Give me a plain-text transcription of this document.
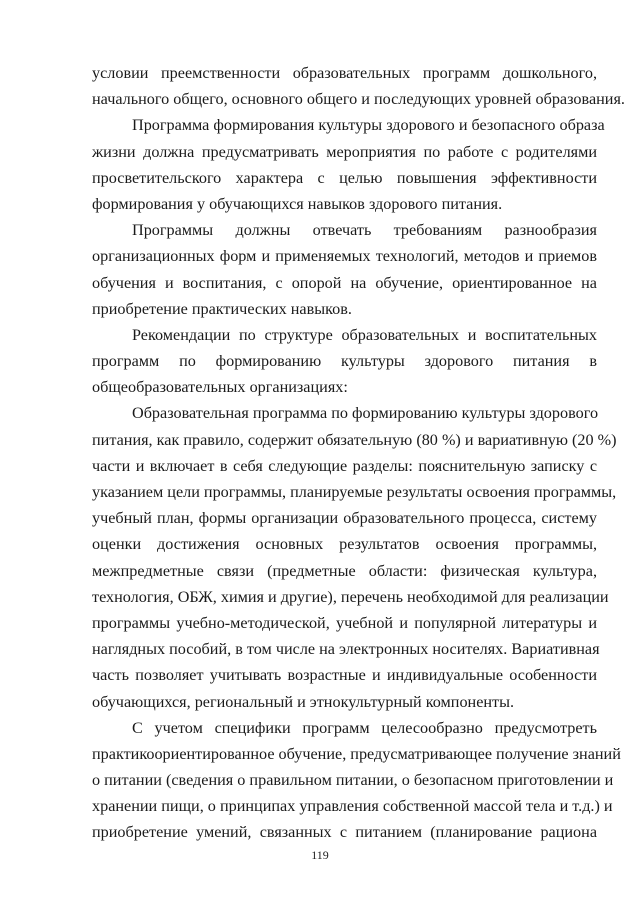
условии преемственности образовательных программ дошкольного,
начального общего, основного общего и последующих уровней образования.
Программа формирования культуры здорового и безопасного образа
жизни должна предусматривать мероприятия по работе с родителями
просветительского характера с целью повышения эффективности
формирования у обучающихся навыков здорового питания.
Программы должны отвечать требованиям разнообразия
организационных форм и применяемых технологий, методов и приемов
обучения и воспитания, с опорой на обучение, ориентированное на
приобретение практических навыков.
Рекомендации по структуре образовательных и воспитательных
программ по формированию культуры здорового питания в
общеобразовательных организациях:
Образовательная программа по формированию культуры здорового
питания, как правило, содержит обязательную (80 %) и вариативную (20 %)
части и включает в себя следующие разделы: пояснительную записку с
указанием цели программы, планируемые результаты освоения программы,
учебный план, формы организации образовательного процесса, систему
оценки достижения основных результатов освоения программы,
межпредметные связи (предметные области: физическая культура,
технология, ОБЖ, химия и другие), перечень необходимой для реализации
программы учебно-методической, учебной и популярной литературы и
наглядных пособий, в том числе на электронных носителях. Вариативная
часть позволяет учитывать возрастные и индивидуальные особенности
обучающихся, региональный и этнокультурный компоненты.
С учетом специфики программ целесообразно предусмотреть
практикоориентированное обучение, предусматривающее получение знаний
о питании (сведения о правильном питании, о безопасном приготовлении и
хранении пищи, о принципах управления собственной массой тела и т.д.) и
приобретение умений, связанных с питанием (планирование рациона
119
